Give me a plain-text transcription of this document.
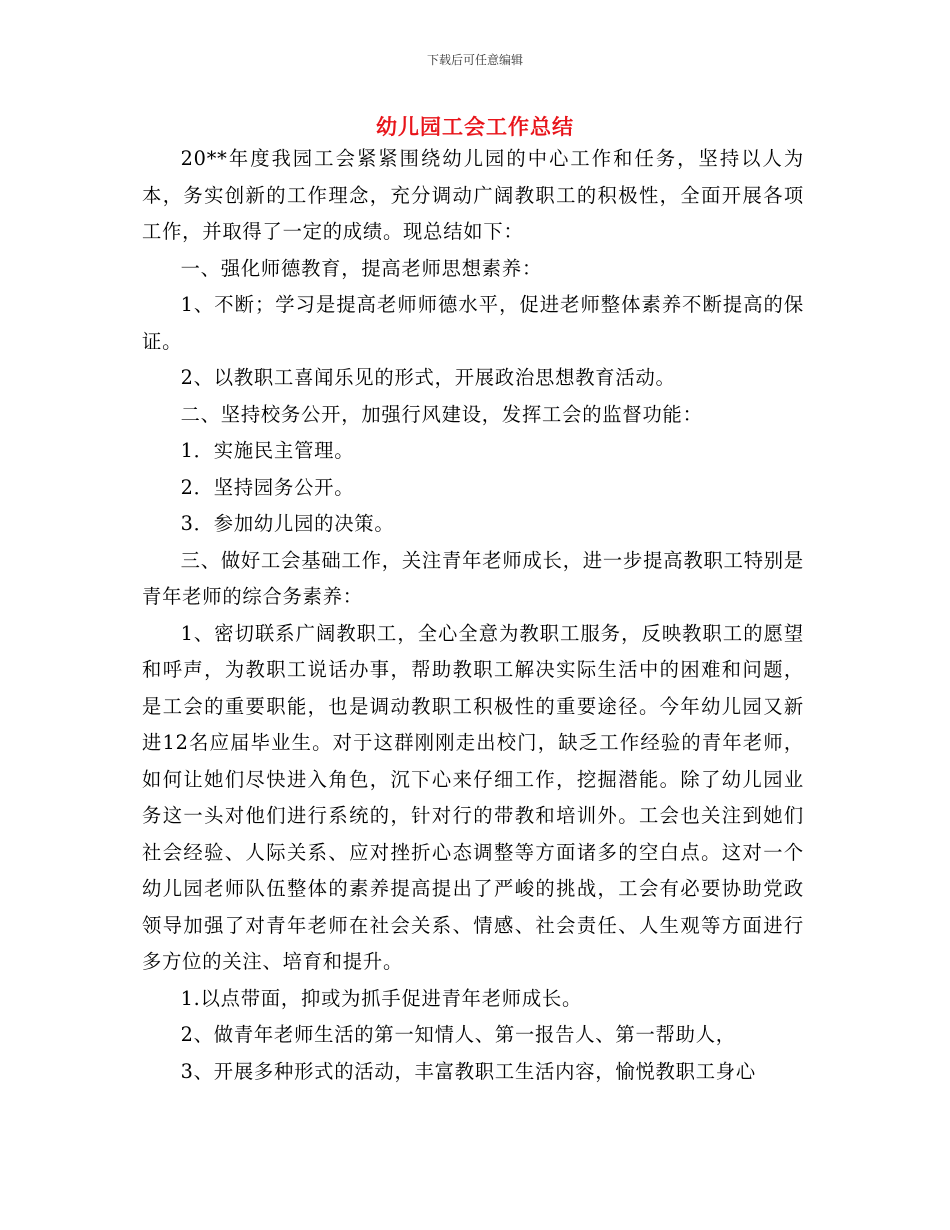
下载后可任意编辑
幼儿园工会工作总结

20**年度我园工会紧紧围绕幼儿园的中心工作和任务，坚持以人为本，务实创新的工作理念，充分调动广阔教职工的积极性，全面开展各项工作，并取得了一定的成绩。现总结如下：

一、强化师德教育，提高老师思想素养：

1、不断；学习是提高老师师德水平，促进老师整体素养不断提高的保证。

2、以教职工喜闻乐见的形式，开展政治思想教育活动。

二、坚持校务公开，加强行风建设，发挥工会的监督功能：

1．实施民主管理。

2．坚持园务公开。

3．参加幼儿园的决策。

三、做好工会基础工作，关注青年老师成长，进一步提高教职工特别是青年老师的综合务素养：

1、密切联系广阔教职工，全心全意为教职工服务，反映教职工的愿望和呼声，为教职工说话办事，帮助教职工解决实际生活中的困难和问题，是工会的重要职能，也是调动教职工积极性的重要途径。今年幼儿园又新进12名应届毕业生。对于这群刚刚走出校门，缺乏工作经验的青年老师，如何让她们尽快进入角色，沉下心来仔细工作，挖掘潜能。除了幼儿园业务这一头对他们进行系统的，针对行的带教和培训外。工会也关注到她们社会经验、人际关系、应对挫折心态调整等方面诸多的空白点。这对一个幼儿园老师队伍整体的素养提高提出了严峻的挑战，工会有必要协助党政领导加强了对青年老师在社会关系、情感、社会责任、人生观等方面进行多方位的关注、培育和提升。

1.以点带面，抑或为抓手促进青年老师成长。

2、做青年老师生活的第一知情人、第一报告人、第一帮助人，

3、开展多种形式的活动，丰富教职工生活内容，愉悦教职工身心
